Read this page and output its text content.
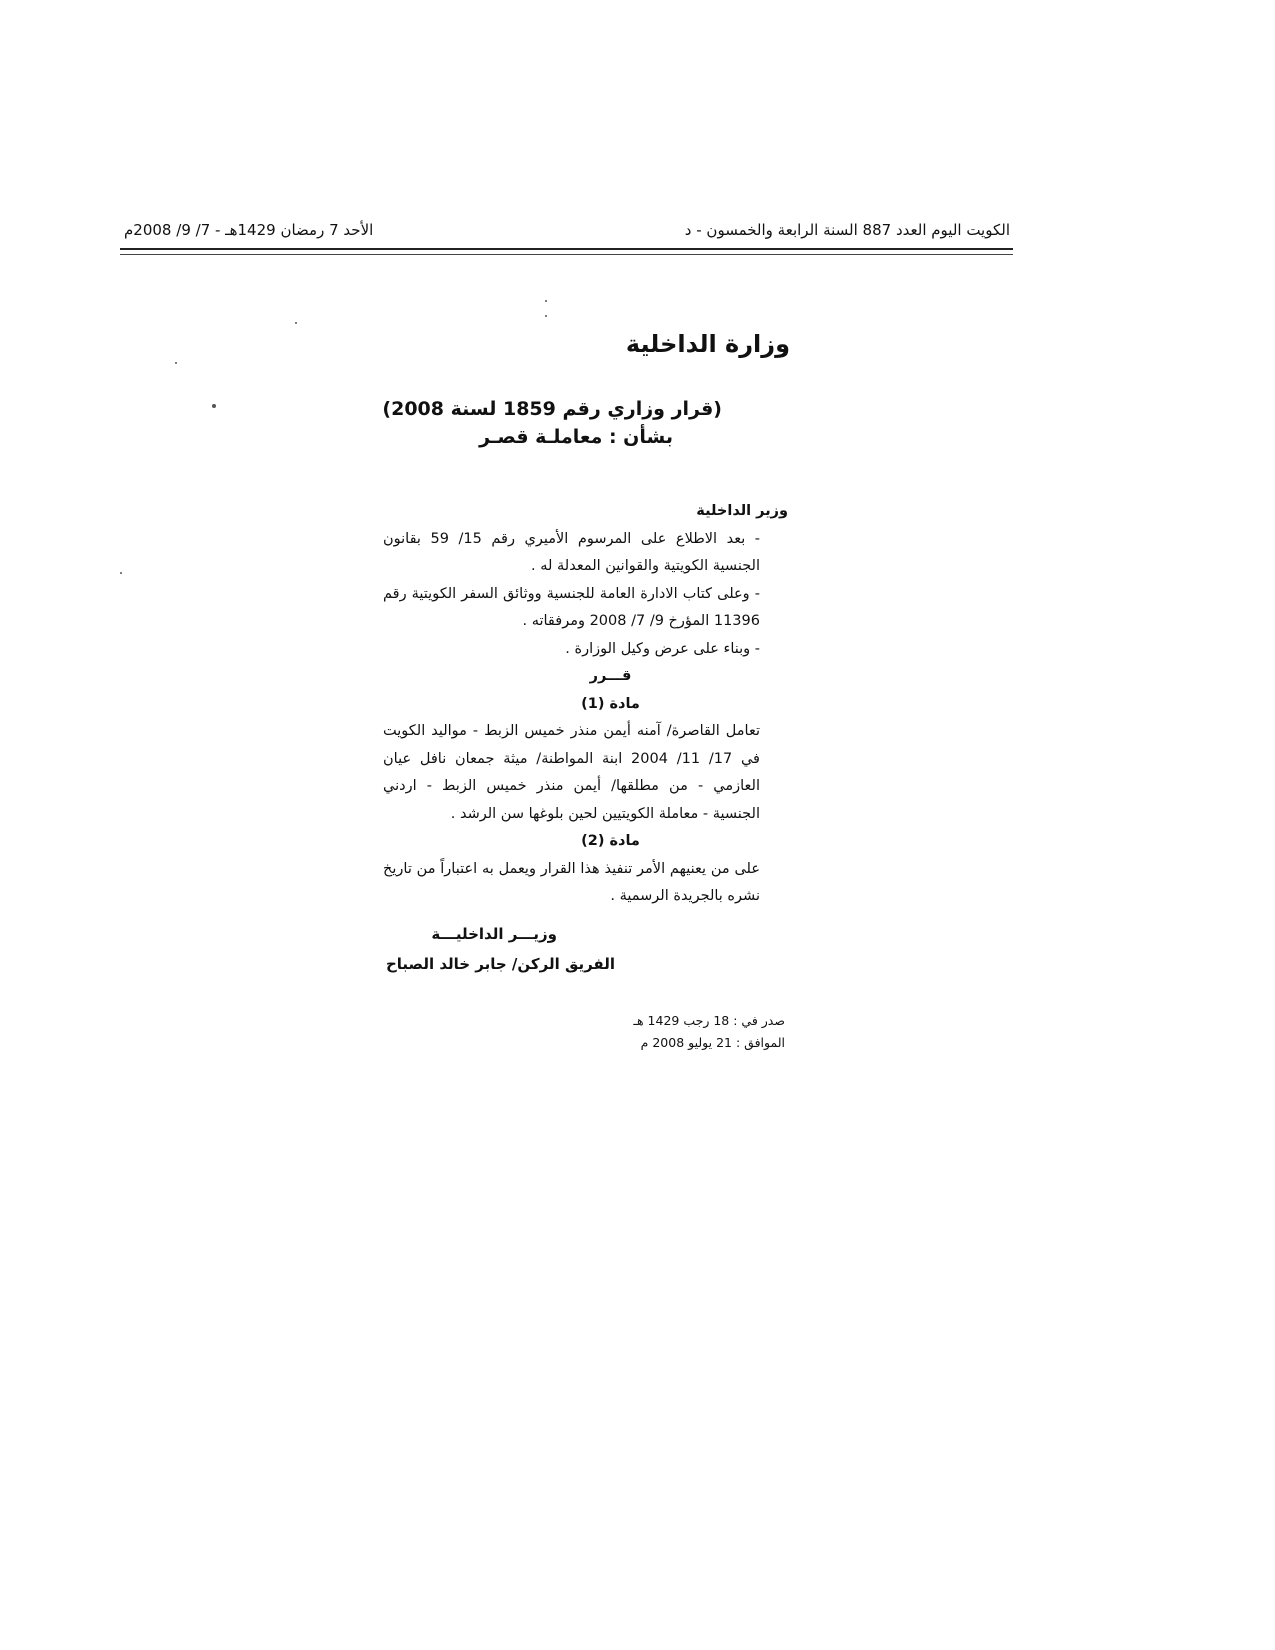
الكويت اليوم العدد 887 السنة الرابعة والخمسون - د
الأحد 7 رمضان 1429هـ - 7/ 9/ 2008م
وزارة الداخلية
(قرار وزاري رقم 1859 لسنة 2008)
بشأن : معاملـة قصـر

وزير الداخلية

- بعد الاطلاع على المرسوم الأميري رقم 15/ 59 بقانون الجنسية الكويتية والقوانين المعدلة له .

- وعلى كتاب الادارة العامة للجنسية ووثائق السفر الكويتية رقم 11396 المؤرخ 9/ 7/ 2008 ومرفقاته .

- وبناء على عرض وكيل الوزارة .

قـــرر

مادة (1)

تعامل القاصرة/ آمنه أيمن منذر خميس الزبط - مواليد الكويت في 17/ 11/ 2004 ابنة المواطنة/ ميثة جمعان نافل عيان العازمي - من مطلقها/ أيمن منذر خميس الزبط - اردني الجنسية - معاملة الكويتيين لحين بلوغها سن الرشد .

مادة (2)

على من يعنيهم الأمر تنفيذ هذا القرار ويعمل به اعتباراً من تاريخ نشره بالجريدة الرسمية .

وزيـــر الداخليـــة
الفريق الركن/ جابر خالد الصباح
صدر في : 18 رجب 1429 هـ
الموافق : 21 يوليو 2008 م
